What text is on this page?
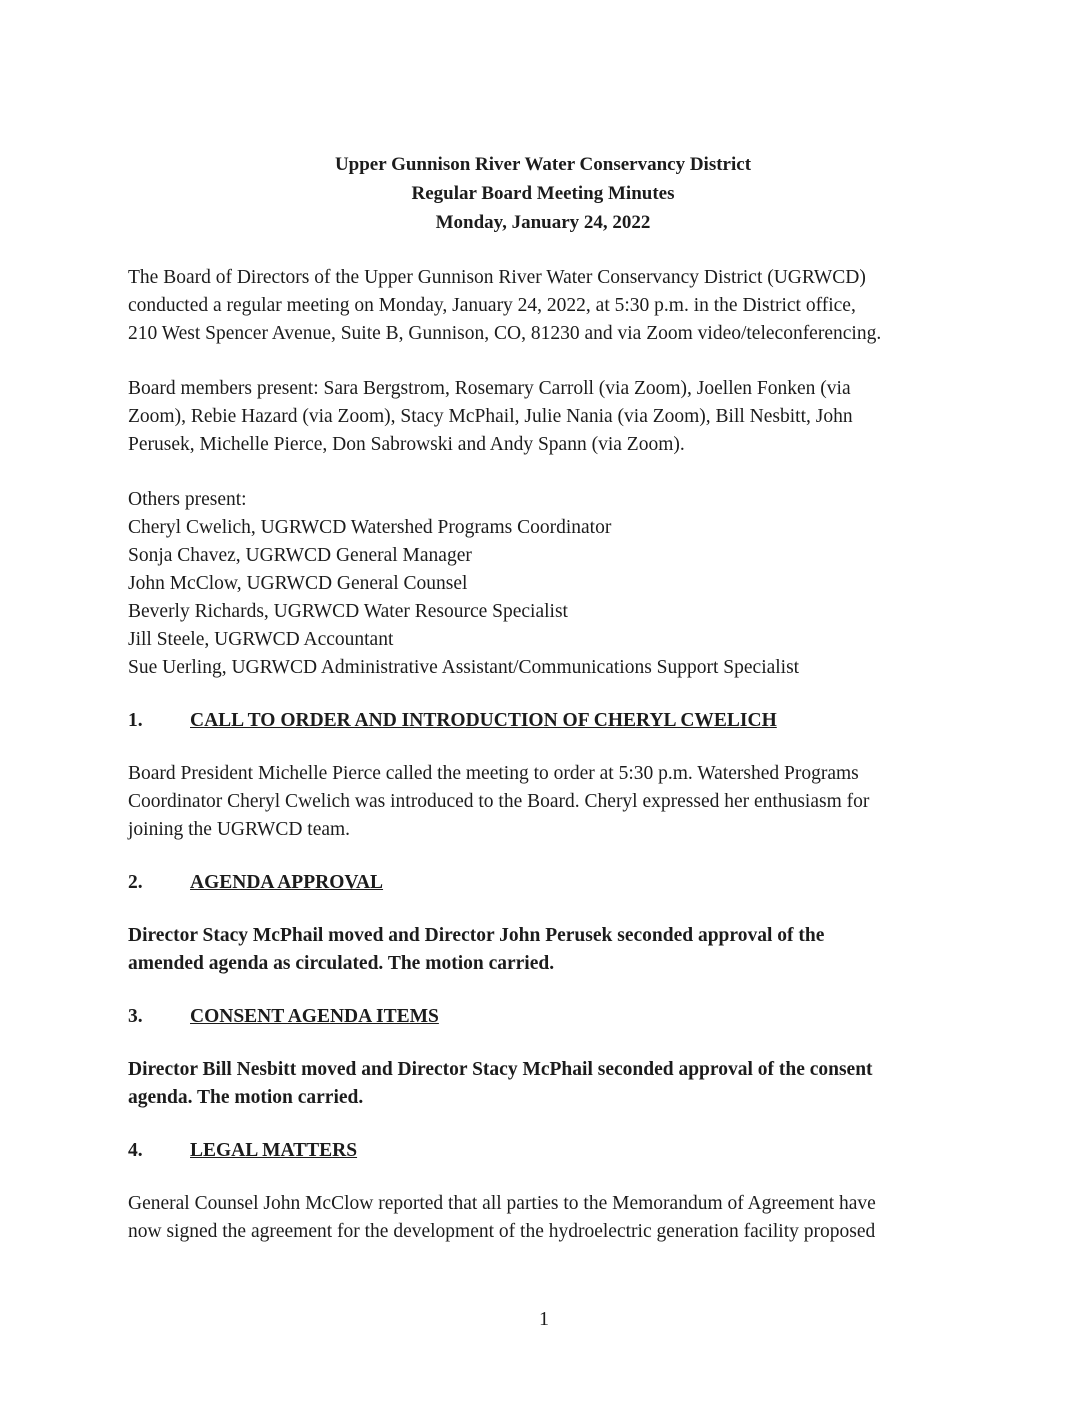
Upper Gunnison River Water Conservancy District
Regular Board Meeting Minutes
Monday, January 24, 2022

The Board of Directors of the Upper Gunnison River Water Conservancy District (UGRWCD)
conducted a regular meeting on Monday, January 24, 2022, at 5:30 p.m. in the District office,
210 West Spencer Avenue, Suite B, Gunnison, CO, 81230 and via Zoom video/teleconferencing.

Board members present: Sara Bergstrom, Rosemary Carroll (via Zoom), Joellen Fonken (via
Zoom), Rebie Hazard (via Zoom), Stacy McPhail, Julie Nania (via Zoom), Bill Nesbitt, John
Perusek, Michelle Pierce, Don Sabrowski and Andy Spann (via Zoom).

Others present:
Cheryl Cwelich, UGRWCD Watershed Programs Coordinator
Sonja Chavez, UGRWCD General Manager
John McClow, UGRWCD General Counsel
Beverly Richards, UGRWCD Water Resource Specialist
Jill Steele, UGRWCD Accountant
Sue Uerling, UGRWCD Administrative Assistant/Communications Support Specialist

1. CALL TO ORDER AND INTRODUCTION OF CHERYL CWELICH

Board President Michelle Pierce called the meeting to order at 5:30 p.m. Watershed Programs
Coordinator Cheryl Cwelich was introduced to the Board. Cheryl expressed her enthusiasm for
joining the UGRWCD team.

2. AGENDA APPROVAL

Director Stacy McPhail moved and Director John Perusek seconded approval of the
amended agenda as circulated. The motion carried.

3. CONSENT AGENDA ITEMS

Director Bill Nesbitt moved and Director Stacy McPhail seconded approval of the consent
agenda. The motion carried.

4. LEGAL MATTERS

General Counsel John McClow reported that all parties to the Memorandum of Agreement have
now signed the agreement for the development of the hydroelectric generation facility proposed

1
